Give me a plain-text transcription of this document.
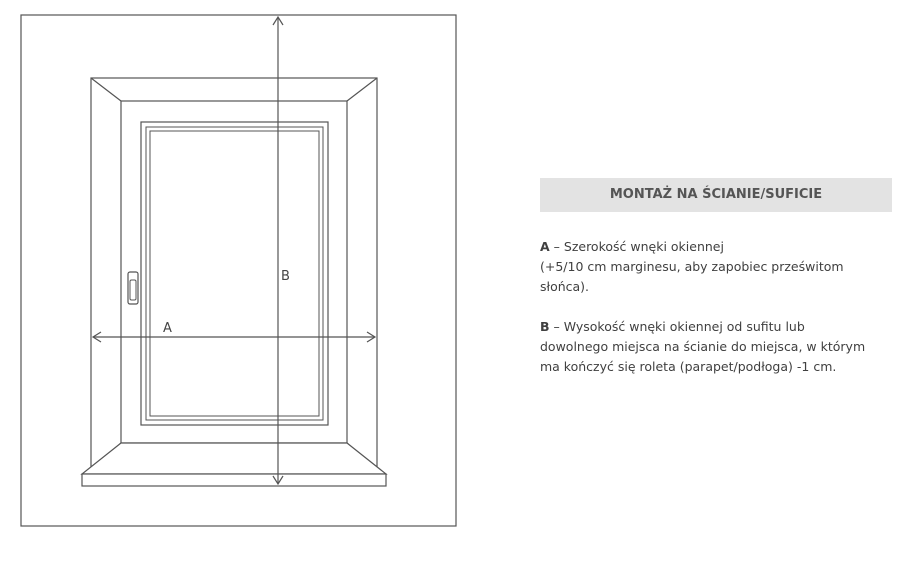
A
B
MONTAŻ NA ŚCIANIE/SUFICIE

A – Szerokość wnęki okiennej
(+5/10 cm marginesu, aby zapobiec prześwitom
słońca).

B – Wysokość wnęki okiennej od sufitu lub
dowolnego miejsca na ścianie do miejsca, w którym
ma kończyć się roleta (parapet/podłoga) -1 cm.
